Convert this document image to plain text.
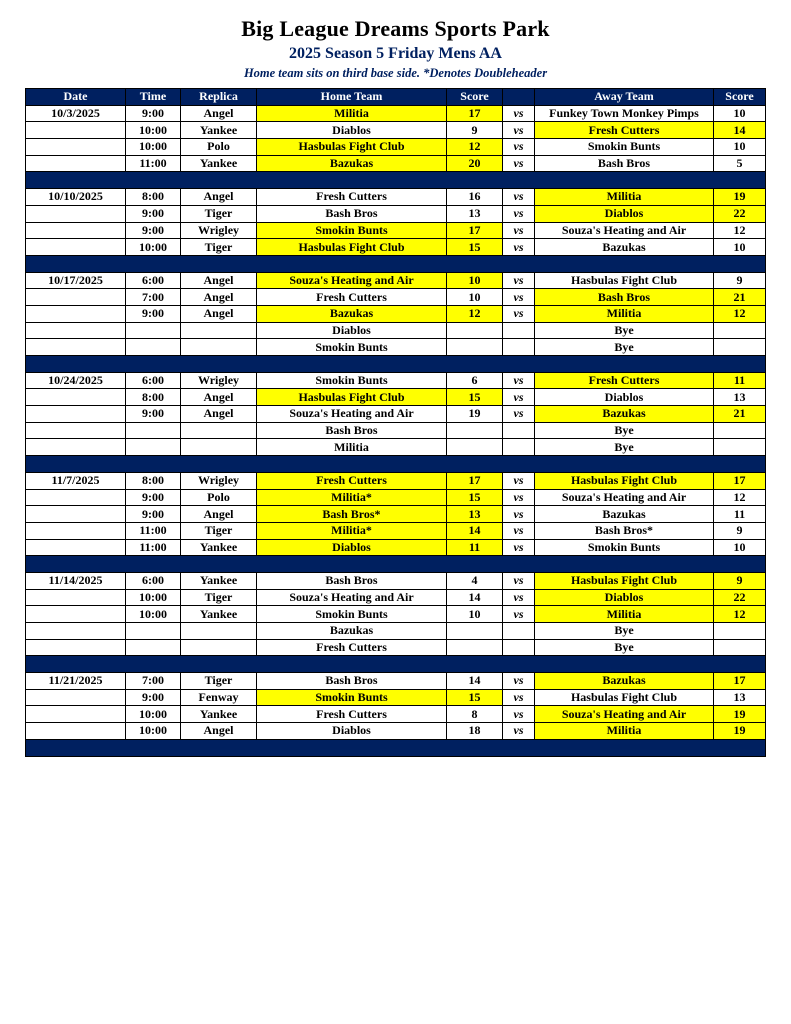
Big League Dreams Sports Park
2025 Season 5 Friday Mens AA
Home team sits on third base side. *Denotes Doubleheader
Date	Time	Replica	Home Team	Score		Away Team	Score
10/3/2025	9:00	Angel	Militia	17	vs	Funkey Town Monkey Pimps	10
	10:00	Yankee	Diablos	9	vs	Fresh Cutters	14
	10:00	Polo	Hasbulas Fight Club	12	vs	Smokin Bunts	10
	11:00	Yankee	Bazukas	20	vs	Bash Bros	5

10/10/2025	8:00	Angel	Fresh Cutters	16	vs	Militia	19
	9:00	Tiger	Bash Bros	13	vs	Diablos	22
	9:00	Wrigley	Smokin Bunts	17	vs	Souza's Heating and Air	12
	10:00	Tiger	Hasbulas Fight Club	15	vs	Bazukas	10

10/17/2025	6:00	Angel	Souza's Heating and Air	10	vs	Hasbulas Fight Club	9
	7:00	Angel	Fresh Cutters	10	vs	Bash Bros	21
	9:00	Angel	Bazukas	12	vs	Militia	12
			Diablos			Bye	
			Smokin Bunts			Bye	

10/24/2025	6:00	Wrigley	Smokin Bunts	6	vs	Fresh Cutters	11
	8:00	Angel	Hasbulas Fight Club	15	vs	Diablos	13
	9:00	Angel	Souza's Heating and Air	19	vs	Bazukas	21
			Bash Bros			Bye	
			Militia			Bye	

11/7/2025	8:00	Wrigley	Fresh Cutters	17	vs	Hasbulas Fight Club	17
	9:00	Polo	Militia*	15	vs	Souza's Heating and Air	12
	9:00	Angel	Bash Bros*	13	vs	Bazukas	11
	11:00	Tiger	Militia*	14	vs	Bash Bros*	9
	11:00	Yankee	Diablos	11	vs	Smokin Bunts	10

11/14/2025	6:00	Yankee	Bash Bros	4	vs	Hasbulas Fight Club	9
	10:00	Tiger	Souza's Heating and Air	14	vs	Diablos	22
	10:00	Yankee	Smokin Bunts	10	vs	Militia	12
			Bazukas			Bye	
			Fresh Cutters			Bye	

11/21/2025	7:00	Tiger	Bash Bros	14	vs	Bazukas	17
	9:00	Fenway	Smokin Bunts	15	vs	Hasbulas Fight Club	13
	10:00	Yankee	Fresh Cutters	8	vs	Souza's Heating and Air	19
	10:00	Angel	Diablos	18	vs	Militia	19
